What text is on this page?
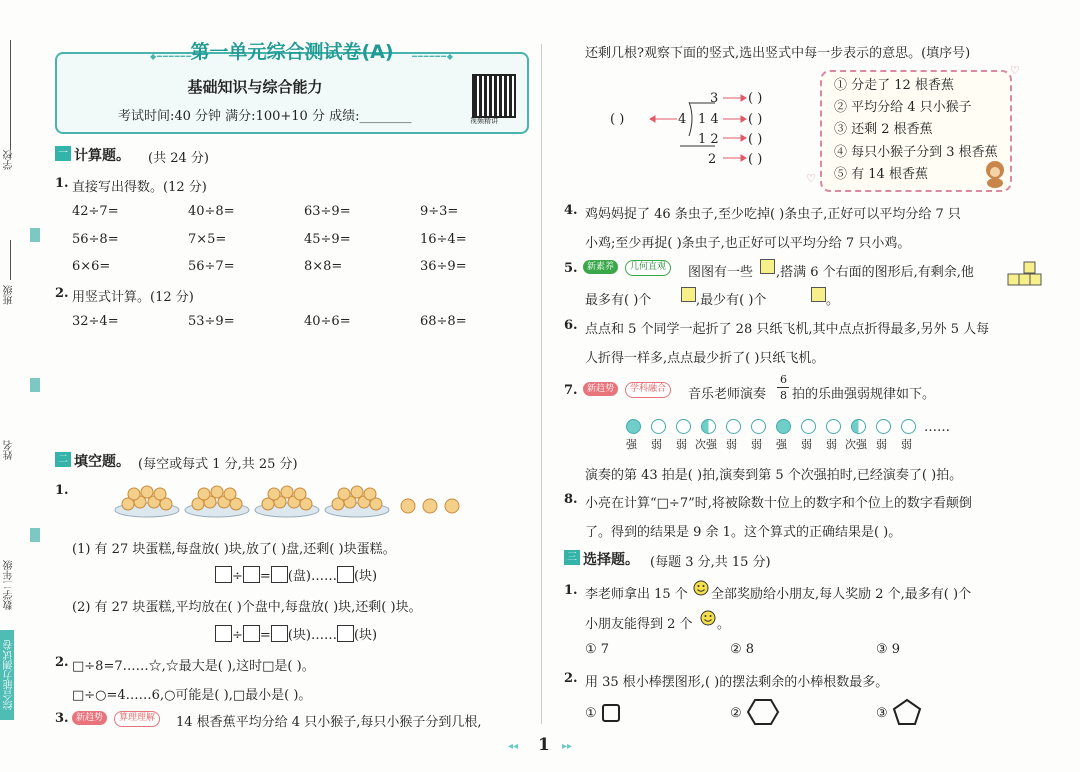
学校
班级
姓名
数学二年级
综合能力测试卷
◆━━━━━━	━━━━━━◆
第一单元综合测试卷(A)
基础知识与综合能力
考试时间:40 分钟 满分:100+10 分 成绩:________	视频精讲
一 计算题。 (共 24 分)
1. 直接写出得数。(12 分)
42÷7=	40÷8=	63÷9=	9÷3=
56÷8=	7×5=	45÷9=	16÷4=
6×6=	56÷7=	8×8=	36÷9=
2. 用竖式计算。(12 分)
32÷4=	53÷9=	40÷6=	68÷8=
二 填空题。 (每空或每式 1 分,共 25 分)
1.
(1) 有 27 块蛋糕,每盘放( )块,放了( )盘,还剩( )块蛋糕。
÷ = (盘)…… (块)
(2) 有 27 块蛋糕,平均放在( )个盘中,每盘放( )块,还剩( )块。
÷ = (块)…… (块)
2. □÷8=7……☆,☆最大是( ),这时□是( )。
□÷○=4……6,○可能是( ),□最小是( )。
3. 新趋势	算理理解	14 根香蕉平均分给 4 只小猴子,每只小猴子分到几根,
还剩几根?观察下面的竖式,选出竖式中每一步表示的意思。(填序号)
3
4 1 4
1 2
2
( )
( )
( )
( )
( )
① 分走了 12 根香蕉
② 平均分给 4 只小猴子
③ 还剩 2 根香蕉
④ 每只小猴子分到 3 根香蕉
⑤ 有 14 根香蕉
♡
♡
4. 鸡妈妈捉了 46 条虫子,至少吃掉( )条虫子,正好可以平均分给 7 只
小鸡;至少再捉( )条虫子,也正好可以平均分给 7 只小鸡。
5.	新素养	几何直观	图图有一些 ,搭满 6 个右面的图形后,有剩余,他
最多有( )个	,最少有( )个	。
6. 点点和 5 个同学一起折了 28 只纸飞机,其中点点折得最多,另外 5 人每
人折得一样多,点点最少折了( )只纸飞机。
7.	新趋势	学科融合	音乐老师演奏
6
8 拍的乐曲强弱规律如下。
强 弱 弱 次强 弱 弱 强 弱 弱 次强 弱 弱
……
演奏的第 43 拍是( )拍,演奏到第 5 个次强拍时,已经演奏了( )拍。
8. 小亮在计算“□÷7”时,将被除数十位上的数字和个位上的数字看颠倒
了。得到的结果是 9 余 1。这个算式的正确结果是( )。
三 选择题。 (每题 3 分,共 15 分)
1. 李老师拿出 15 个 全部奖励给小朋友,每人奖励 2 个,最多有( )个
小朋友能得到 2 个 。
① 7	② 8	③ 9
2. 用 35 根小棒摆图形,( )的摆法剩余的小棒根数最多。
①	②	③
◂◂ 1 ▸▸
